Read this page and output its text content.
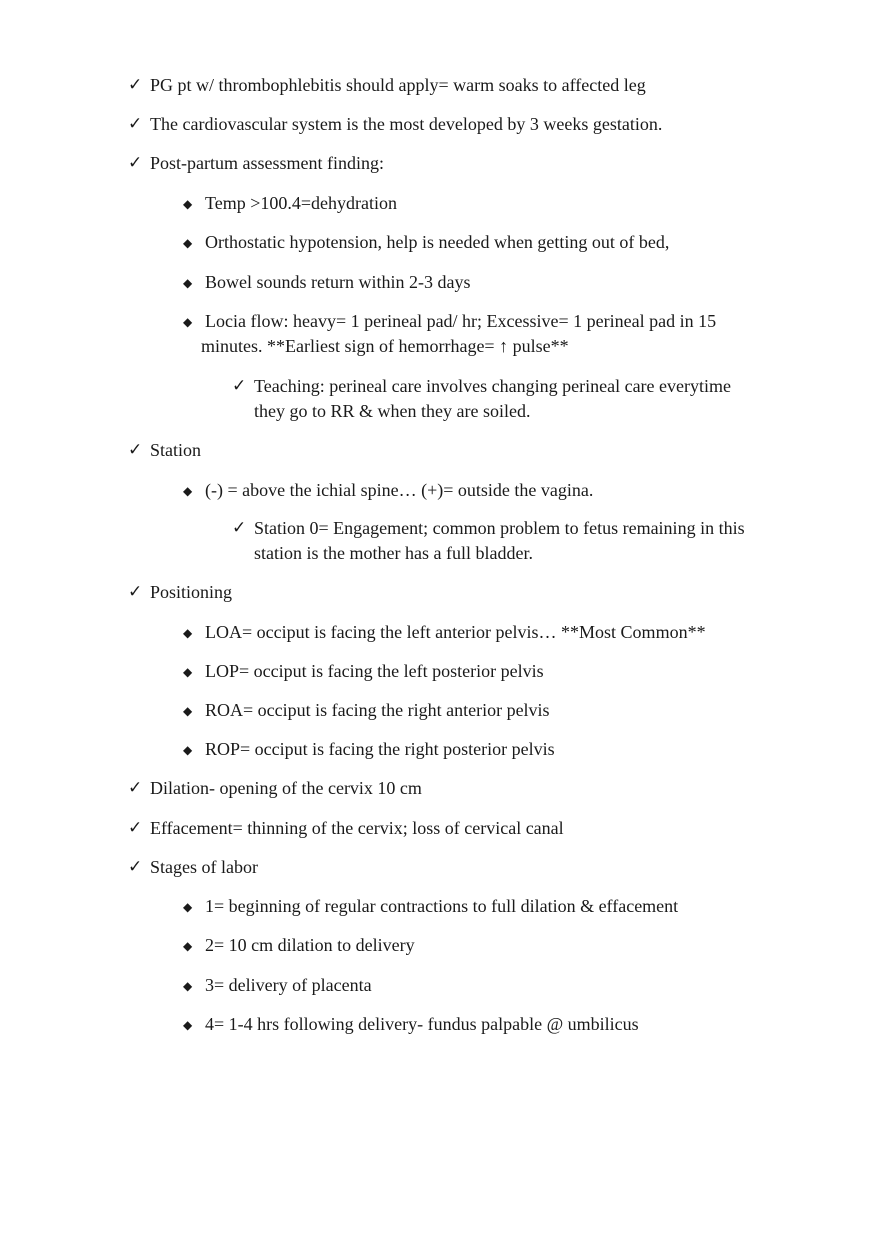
✓ PG pt w/ thrombophlebitis should apply= warm soaks to affected leg
✓ The cardiovascular system is the most developed by 3 weeks gestation.
✓ Post-partum assessment finding:
◆ Temp >100.4=dehydration
◆ Orthostatic hypotension, help is needed when getting out of bed,
◆ Bowel sounds return within 2-3 days
◆ Locia flow: heavy= 1 perineal pad/ hr; Excessive= 1 perineal pad in 15
minutes. **Earliest sign of hemorrhage= ↑ pulse**
✓ Teaching: perineal care involves changing perineal care everytime
they go to RR & when they are soiled.
✓ Station
◆ (-) = above the ichial spine… (+)= outside the vagina.
✓ Station 0= Engagement; common problem to fetus remaining in this
station is the mother has a full bladder.
✓ Positioning
◆ LOA= occiput is facing the left anterior pelvis… **Most Common**
◆ LOP= occiput is facing the left posterior pelvis
◆ ROA= occiput is facing the right anterior pelvis
◆ ROP= occiput is facing the right posterior pelvis
✓ Dilation- opening of the cervix 10 cm
✓ Effacement= thinning of the cervix; loss of cervical canal
✓ Stages of labor
◆ 1= beginning of regular contractions to full dilation & effacement
◆ 2= 10 cm dilation to delivery
◆ 3= delivery of placenta
◆ 4= 1-4 hrs following delivery- fundus palpable @ umbilicus
